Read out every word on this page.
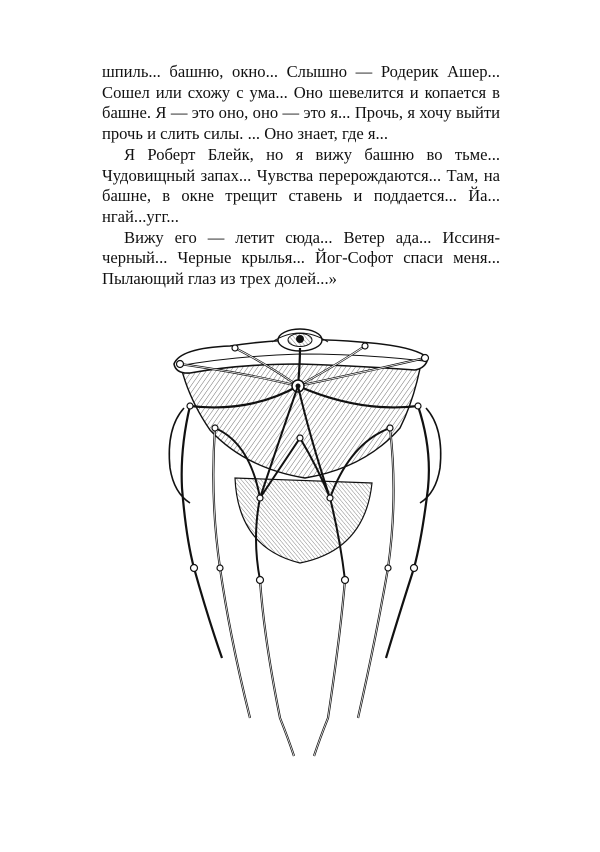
шпиль... башню, окно... Слышно — Родерик Ашер... Сошел или схожу с ума... Оно шевелится и копается в башне. Я — это оно, оно — это я... Прочь, я хочу выйти прочь и слить силы. ... Оно знает, где я...

Я Роберт Блейк, но я вижу башню во тьме... Чудовищный запах... Чувства перерождаются... Там, на башне, в окне трещит ставень и поддается... Йа... нгай...угг...

Вижу его — летит сюда... Ветер ада... Иссиня-черный... Черные крылья... Йог-Софот спаси меня... Пылающий глаз из трех долей...»
